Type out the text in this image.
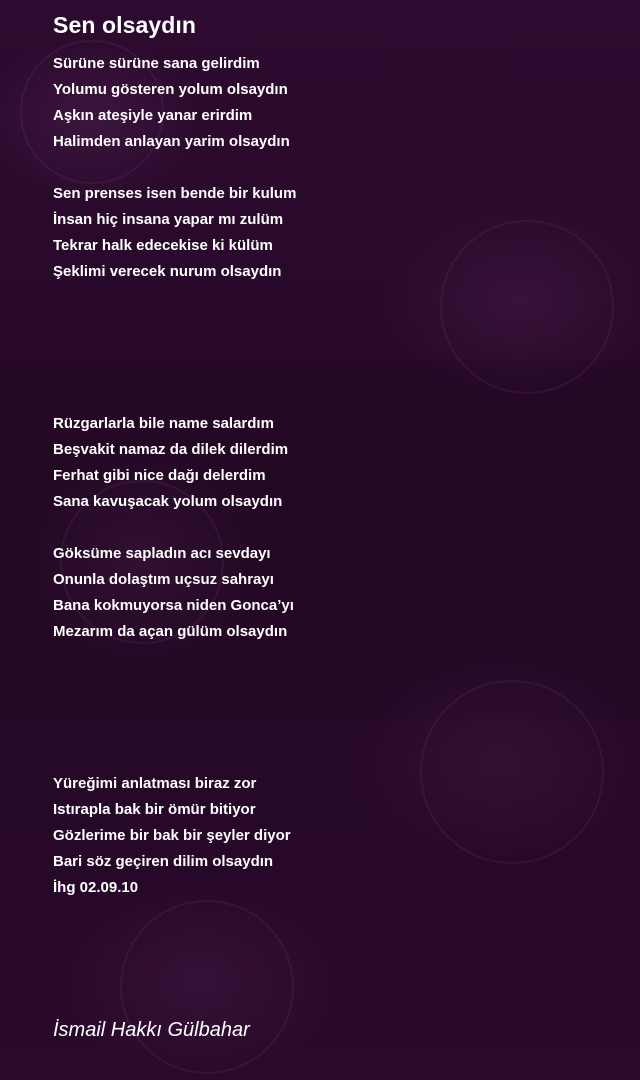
Sen olsaydın
Sürüne sürüne sana gelirdim
Yolumu gösteren yolum olsaydın
Aşkın ateşiyle yanar erirdim
Halimden anlayan yarim olsaydın
Sen prenses isen bende bir kulum
İnsan hiç insana yapar mı zulüm
Tekrar halk edecekise ki külüm
Şeklimi verecek nurum olsaydın
Rüzgarlarla bile name salardım
Beşvakit namaz da dilek dilerdim
Ferhat gibi nice dağı delerdim
Sana kavuşacak yolum olsaydın
Göksüme sapladın acı sevdayı
Onunla dolaştım uçsuz sahrayı
Bana kokmuyorsa niden Gonca’yı
Mezarım da açan gülüm olsaydın
Yüreğimi anlatması biraz zor
Istırapla bak bir ömür bitiyor
Gözlerime bir bak bir şeyler diyor
Bari söz geçiren dilim olsaydın
İhg 02.09.10

İsmail Hakkı Gülbahar
